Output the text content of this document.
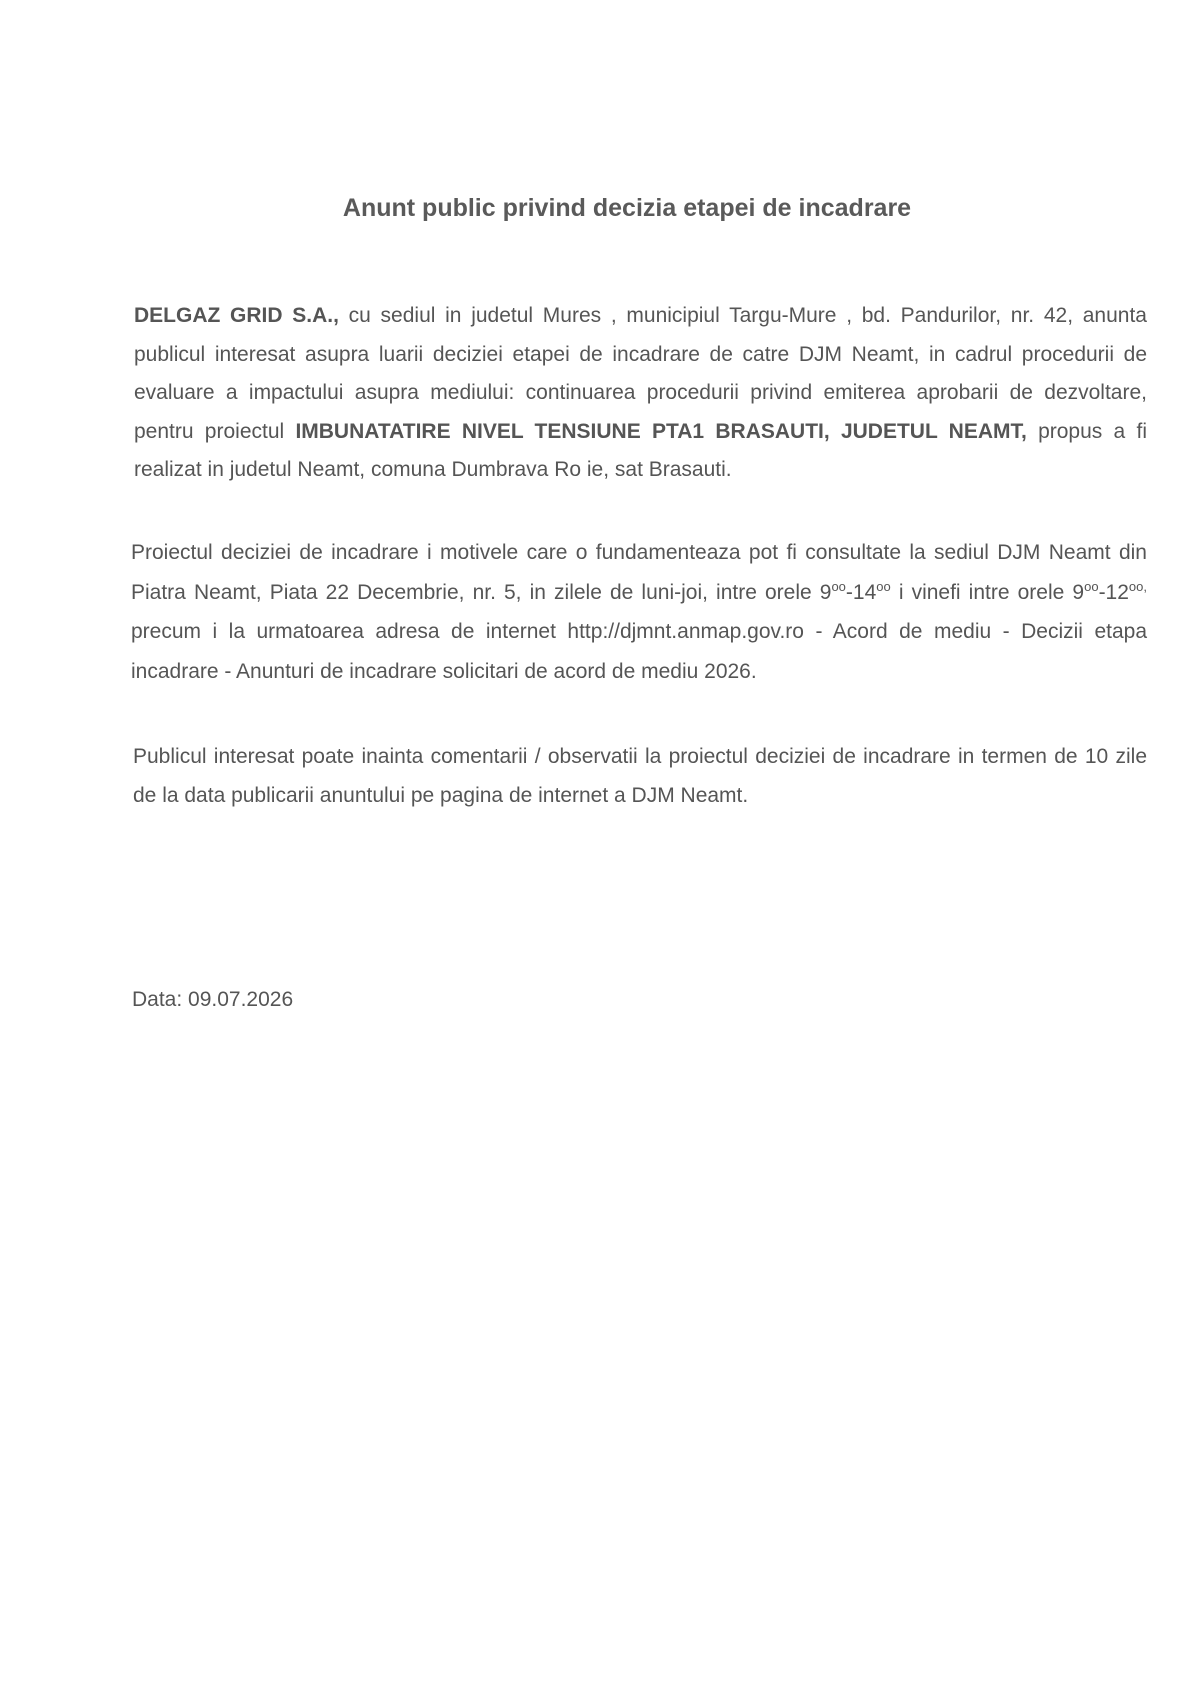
Anunt public privind decizia etapei de incadrare

DELGAZ GRID S.A., cu sediul in judetul Mures , municipiul Targu-Mure , bd. Pandurilor, nr. 42, anunta publicul interesat asupra luarii deciziei etapei de incadrare de catre DJM Neamt, in cadrul procedurii de evaluare a impactului asupra mediului: continuarea procedurii privind emiterea aprobarii de dezvoltare, pentru proiectul IMBUNATATIRE NIVEL TENSIUNE PTA1 BRASAUTI, JUDETUL NEAMT, propus a fi realizat in judetul Neamt, comuna Dumbrava Ro ie, sat Brasauti.

Proiectul deciziei de incadrare i motivele care o fundamenteaza pot fi consultate la sediul DJM Neamt din Piatra Neamt, Piata 22 Decembrie, nr. 5, in zilele de luni-joi, intre orele $9^{oo}-14^{oo}$ i vinefi intre orele $9^{oo}-12^{oo,}$ precum i la urmatoarea adresa de internet http://djmnt.anmap.gov.ro - Acord de mediu - Decizii etapa incadrare - Anunturi de incadrare solicitari de acord de mediu 2026.

Publicul interesat poate inainta comentarii / observatii la proiectul deciziei de incadrare in termen de 10 zile de la data publicarii anuntului pe pagina de internet a DJM Neamt.

Data: 09.07.2026
